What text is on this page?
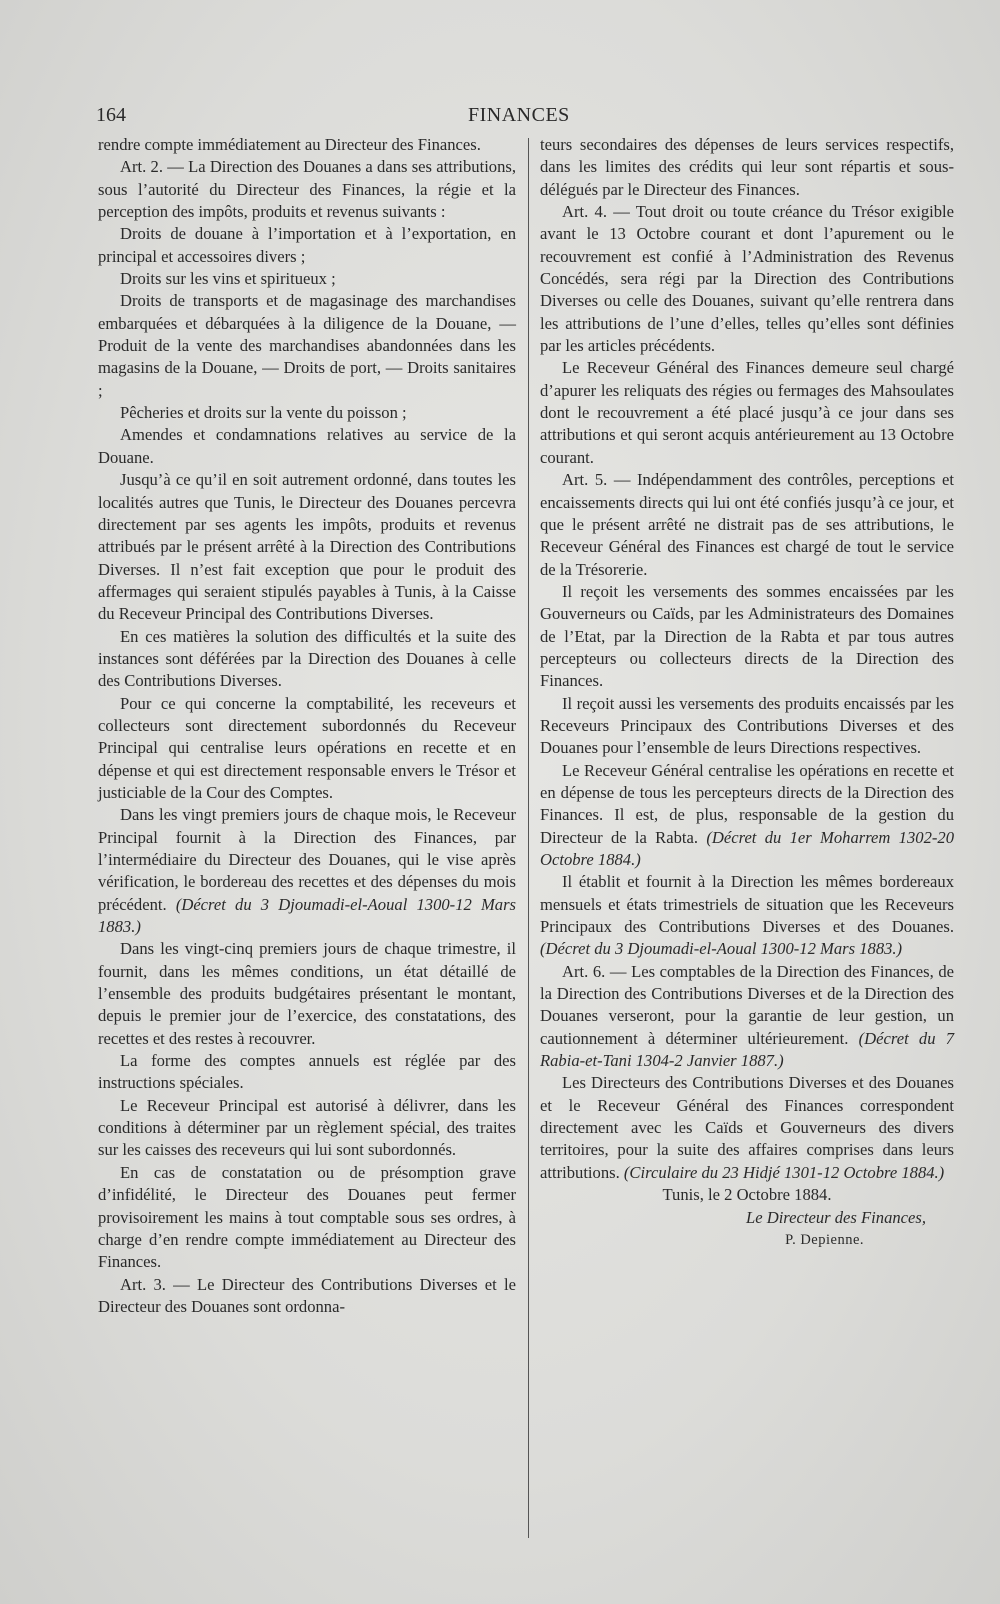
164	FINANCES

rendre compte immédiatement au Directeur des Finances.

Art. 2. — La Direction des Douanes a dans ses attributions, sous l’autorité du Directeur des Finances, la régie et la perception des impôts, produits et revenus suivants :

Droits de douane à l’importation et à l’exportation, en principal et accessoires divers ;

Droits sur les vins et spiritueux ;

Droits de transports et de magasinage des marchandises embarquées et débarquées à la diligence de la Douane, — Produit de la vente des marchandises abandonnées dans les magasins de la Douane, — Droits de port, — Droits sanitaires ;

Pêcheries et droits sur la vente du poisson ;

Amendes et condamnations relatives au service de la Douane.

Jusqu’à ce qu’il en soit autrement ordonné, dans toutes les localités autres que Tunis, le Directeur des Douanes percevra directement par ses agents les impôts, produits et revenus attribués par le présent arrêté à la Direction des Contributions Diverses. Il n’est fait exception que pour le produit des affermages qui seraient stipulés payables à Tunis, à la Caisse du Receveur Principal des Contributions Diverses.

En ces matières la solution des difficultés et la suite des instances sont déférées par la Direction des Douanes à celle des Contributions Diverses.

Pour ce qui concerne la comptabilité, les receveurs et collecteurs sont directement subordonnés du Receveur Principal qui centralise leurs opérations en recette et en dépense et qui est directement responsable envers le Trésor et justiciable de la Cour des Comptes.

Dans les vingt premiers jours de chaque mois, le Receveur Principal fournit à la Direction des Finances, par l’intermédiaire du Directeur des Douanes, qui le vise après vérification, le bordereau des recettes et des dépenses du mois précédent. (Décret du 3 Djoumadi-el-Aoual 1300-12 Mars 1883.)

Dans les vingt-cinq premiers jours de chaque trimestre, il fournit, dans les mêmes conditions, un état détaillé de l’ensemble des produits budgétaires présentant le montant, depuis le premier jour de l’exercice, des constatations, des recettes et des restes à recouvrer.

La forme des comptes annuels est réglée par des instructions spéciales.

Le Receveur Principal est autorisé à délivrer, dans les conditions à déterminer par un règlement spécial, des traites sur les caisses des receveurs qui lui sont subordonnés.

En cas de constatation ou de présomption grave d’infidélité, le Directeur des Douanes peut fermer provisoirement les mains à tout comptable sous ses ordres, à charge d’en rendre compte immédiatement au Directeur des Finances.

Art. 3. — Le Directeur des Contributions Diverses et le Directeur des Douanes sont ordonna-

teurs secondaires des dépenses de leurs services respectifs, dans les limites des crédits qui leur sont répartis et sous-délégués par le Directeur des Finances.

Art. 4. — Tout droit ou toute créance du Trésor exigible avant le 13 Octobre courant et dont l’apurement ou le recouvrement est confié à l’Administration des Revenus Concédés, sera régi par la Direction des Contributions Diverses ou celle des Douanes, suivant qu’elle rentrera dans les attributions de l’une d’elles, telles qu’elles sont définies par les articles précédents.

Le Receveur Général des Finances demeure seul chargé d’apurer les reliquats des régies ou fermages des Mahsoulates dont le recouvrement a été placé jusqu’à ce jour dans ses attributions et qui seront acquis antérieurement au 13 Octobre courant.

Art. 5. — Indépendamment des contrôles, perceptions et encaissements directs qui lui ont été confiés jusqu’à ce jour, et que le présent arrêté ne distrait pas de ses attributions, le Receveur Général des Finances est chargé de tout le service de la Trésorerie.

Il reçoit les versements des sommes encaissées par les Gouverneurs ou Caïds, par les Administrateurs des Domaines de l’Etat, par la Direction de la Rabta et par tous autres percepteurs ou collecteurs directs de la Direction des Finances.

Il reçoit aussi les versements des produits encaissés par les Receveurs Principaux des Contributions Diverses et des Douanes pour l’ensemble de leurs Directions respectives.

Le Receveur Général centralise les opérations en recette et en dépense de tous les percepteurs directs de la Direction des Finances. Il est, de plus, responsable de la gestion du Directeur de la Rabta. (Décret du 1er Moharrem 1302-20 Octobre 1884.)

Il établit et fournit à la Direction les mêmes bordereaux mensuels et états trimestriels de situation que les Receveurs Principaux des Contributions Diverses et des Douanes. (Décret du 3 Djoumadi-el-Aoual 1300-12 Mars 1883.)

Art. 6. — Les comptables de la Direction des Finances, de la Direction des Contributions Diverses et de la Direction des Douanes verseront, pour la garantie de leur gestion, un cautionnement à déterminer ultérieurement. (Décret du 7 Rabia-et-Tani 1304-2 Janvier 1887.)

Les Directeurs des Contributions Diverses et des Douanes et le Receveur Général des Finances correspondent directement avec les Caïds et Gouverneurs des divers territoires, pour la suite des affaires comprises dans leurs attributions. (Circulaire du 23 Hidjé 1301-12 Octobre 1884.)

Tunis, le 2 Octobre 1884.

Le Directeur des Finances,

P. Depienne.
